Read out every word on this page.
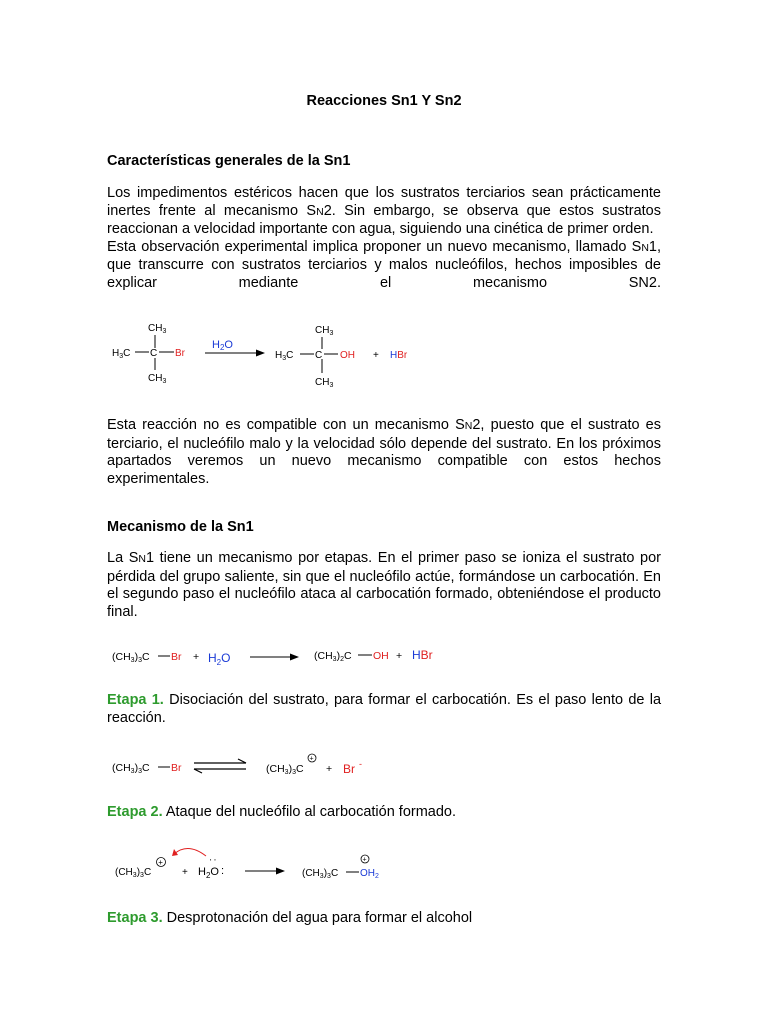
Reacciones Sn1 Y Sn2
Características generales de la Sn1

Los impedimentos estéricos hacen que los sustratos terciarios sean prácticamente inertes frente al mecanismo SN2. Sin embargo, se observa que estos sustratos reaccionan a velocidad importante con agua, siguiendo una cinética de primer orden.

Esta observación experimental implica proponer un nuevo mecanismo, llamado SN1, que transcurre con sustratos terciarios y malos nucleófilos, hechos imposibles de explicar mediante el mecanismo SN2.

$CH_3$
$H_3C$ C Br
$CH_3$
H2O
$CH_3$
$H_3C$ C OH
$CH_3$
+ HBr

Esta reacción no es compatible con un mecanismo SN2, puesto que el sustrato es terciario, el nucleófilo malo y la velocidad sólo depende del sustrato. En los próximos apartados veremos un nuevo mecanismo compatible con estos hechos experimentales.

Mecanismo de la Sn1

La SN1 tiene un mecanismo por etapas. En el primer paso se ioniza el sustrato por pérdida del grupo saliente, sin que el nucleófilo actúe, formándose un carbocatión. En el segundo paso el nucleófilo ataca al carbocatión formado, obteniéndose el producto final.

(CH3)3C $Br + H_2O$	(CH3)2C OH + HBr

Etapa 1. Disociación del sustrato, para formar el carbocatión. Es el paso lento de la reacción.

(CH3)3C Br	(CH3)3C
+
+ Br -

Etapa 2. Ataque del nucleófilo al carbocatión formado.

$(CH_3)_3C$
+
+ $H_2O$
:
:	$(CH_3)_3C$ $OH_2$
+

Etapa 3. Desprotonación del agua para formar el alcohol
